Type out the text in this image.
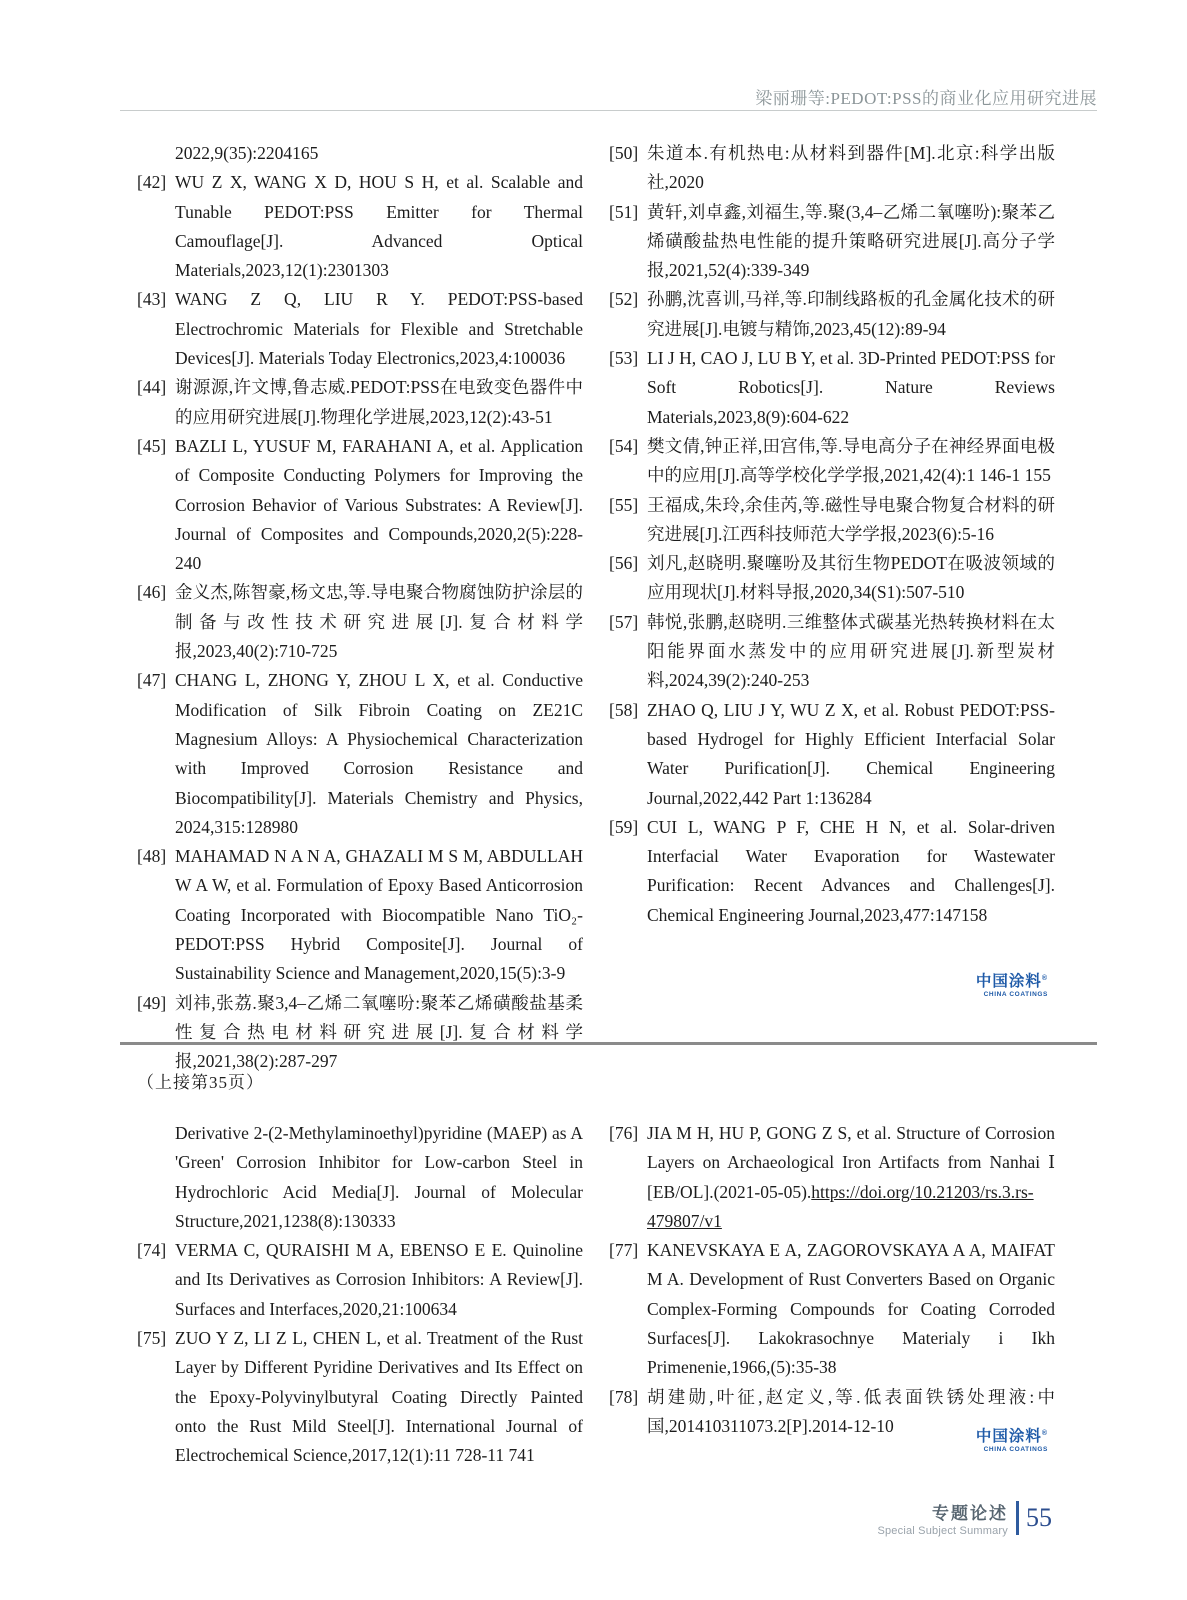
梁丽珊等:PEDOT:PSS的商业化应用研究进展
2022,9(35):2204165
[42] WU Z X, WANG X D, HOU S H, et al. Scalable and Tunable PEDOT:PSS Emitter for Thermal Camouflage[J]. Advanced Optical Materials,2023,12(1):2301303
[43] WANG Z Q, LIU R Y. PEDOT:PSS-based Electrochromic Materials for Flexible and Stretchable Devices[J]. Materials Today Electronics,2023,4:100036
[44] 谢源源,许文博,鲁志威.PEDOT:PSS在电致变色器件中的应用研究进展[J].物理化学进展,2023,12(2):43-51
[45] BAZLI L, YUSUF M, FARAHANI A, et al. Application of Composite Conducting Polymers for Improving the Corrosion Behavior of Various Substrates: A Review[J]. Journal of Composites and Compounds,2020,2(5):228-240
[46] 金义杰,陈智豪,杨文忠,等.导电聚合物腐蚀防护涂层的制备与改性技术研究进展[J].复合材料学报,2023,40(2):710-725
[47] CHANG L, ZHONG Y, ZHOU L X, et al. Conductive Modification of Silk Fibroin Coating on ZE21C Magnesium Alloys: A Physiochemical Characterization with Improved Corrosion Resistance and Biocompatibility[J]. Materials Chemistry and Physics, 2024,315:128980
[48] MAHAMAD N A N A, GHAZALI M S M, ABDULLAH W A W, et al. Formulation of Epoxy Based Anticorrosion Coating Incorporated with Biocompatible Nano TiO₂-PEDOT:PSS Hybrid Composite[J]. Journal of Sustainability Science and Management,2020,15(5):3-9
[49] 刘祎,张荔.聚3,4–乙烯二氧噻吩:聚苯乙烯磺酸盐基柔性复合热电材料研究进展[J].复合材料学报,2021,38(2):287-297
[50] 朱道本.有机热电:从材料到器件[M].北京:科学出版社,2020
[51] 黄轩,刘卓鑫,刘福生,等.聚(3,4–乙烯二氧噻吩):聚苯乙烯磺酸盐热电性能的提升策略研究进展[J].高分子学报,2021,52(4):339-349
[52] 孙鹏,沈喜训,马祥,等.印制线路板的孔金属化技术的研究进展[J].电镀与精饰,2023,45(12):89-94
[53] LI J H, CAO J, LU B Y, et al. 3D-Printed PEDOT:PSS for Soft Robotics[J]. Nature Reviews Materials,2023,8(9):604-622
[54] 樊文倩,钟正祥,田宫伟,等.导电高分子在神经界面电极中的应用[J].高等学校化学学报,2021,42(4):1 146-1 155
[55] 王福成,朱玲,余佳芮,等.磁性导电聚合物复合材料的研究进展[J].江西科技师范大学学报,2023(6):5-16
[56] 刘凡,赵晓明.聚噻吩及其衍生物PEDOT在吸波领域的应用现状[J].材料导报,2020,34(S1):507-510
[57] 韩悦,张鹏,赵晓明.三维整体式碳基光热转换材料在太阳能界面水蒸发中的应用研究进展[J].新型炭材料,2024,39(2):240-253
[58] ZHAO Q, LIU J Y, WU Z X, et al. Robust PEDOT:PSS-based Hydrogel for Highly Efficient Interfacial Solar Water Purification[J]. Chemical Engineering Journal,2022,442 Part 1:136284
[59] CUI L, WANG P F, CHE H N, et al. Solar-driven Interfacial Water Evaporation for Wastewater Purification: Recent Advances and Challenges[J]. Chemical Engineering Journal,2023,477:147158
中国涂料®
CHINA COATINGS
（上接第35页）
Derivative 2-(2-Methylaminoethyl)pyridine (MAEP) as A 'Green' Corrosion Inhibitor for Low-carbon Steel in Hydrochloric Acid Media[J]. Journal of Molecular Structure,2021,1238(8):130333
[74] VERMA C, QURAISHI M A, EBENSO E E. Quinoline and Its Derivatives as Corrosion Inhibitors: A Review[J]. Surfaces and Interfaces,2020,21:100634
[75] ZUO Y Z, LI Z L, CHEN L, et al. Treatment of the Rust Layer by Different Pyridine Derivatives and Its Effect on the Epoxy-Polyvinylbutyral Coating Directly Painted onto the Rust Mild Steel[J]. International Journal of Electrochemical Science,2017,12(1):11 728-11 741
[76] JIA M H, HU P, GONG Z S, et al. Structure of Corrosion Layers on Archaeological Iron Artifacts from Nanhai Ⅰ [EB/OL].(2021-05-05).https://doi.org/10.21203/rs.3.rs-479807/v1
[77] KANEVSKAYA E A, ZAGOROVSKAYA A A, MAIFAT M A. Development of Rust Converters Based on Organic Complex-Forming Compounds for Coating Corroded Surfaces[J]. Lakokrasochnye Materialy i Ikh Primenenie,1966,(5):35-38
[78] 胡建勋,叶征,赵定义,等.低表面铁锈处理液:中国,201410311073.2[P].2014-12-10
中国涂料®
CHINA COATINGS
专题论述
Special Subject Summary 55
